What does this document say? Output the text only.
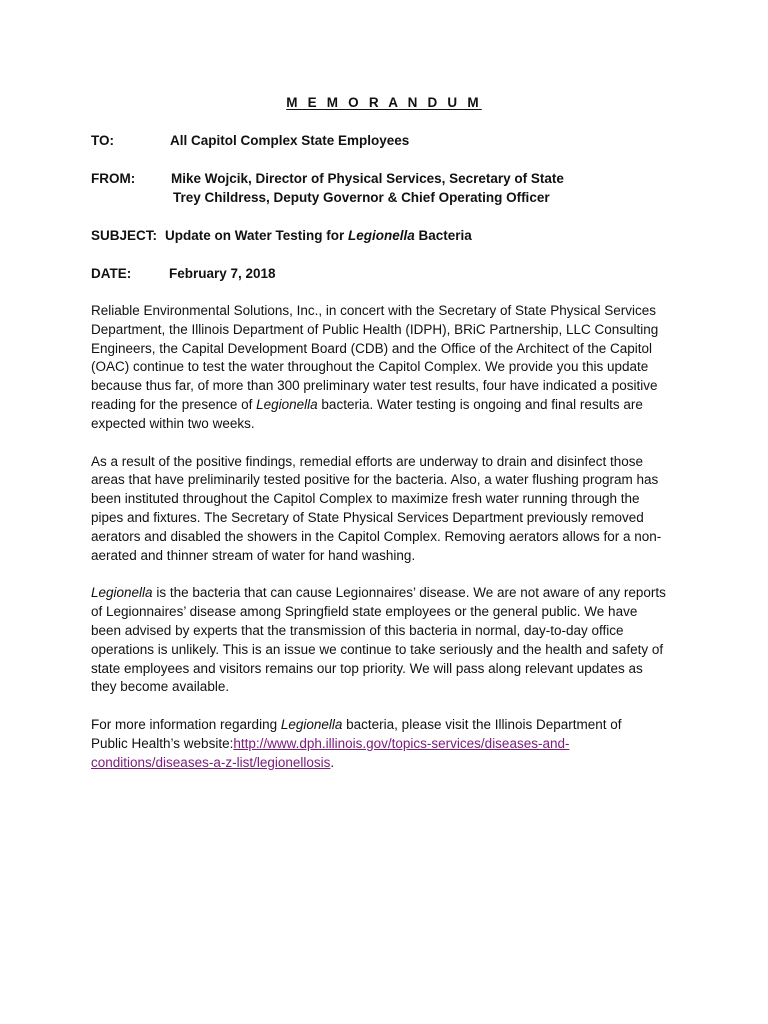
M E M O R A N D U M
TO:	All Capitol Complex State Employees
FROM:	Mike Wojcik, Director of Physical Services, Secretary of State
Trey Childress, Deputy Governor & Chief Operating Officer
SUBJECT: Update on Water Testing for Legionella Bacteria
DATE:	February 7, 2018

Reliable Environmental Solutions, Inc., in concert with the Secretary of State Physical Services
Department, the Illinois Department of Public Health (IDPH), BRiC Partnership, LLC Consulting
Engineers, the Capital Development Board (CDB) and the Office of the Architect of the Capitol
(OAC) continue to test the water throughout the Capitol Complex. We provide you this update
because thus far, of more than 300 preliminary water test results, four have indicated a positive
reading for the presence of Legionella bacteria. Water testing is ongoing and final results are
expected within two weeks.

As a result of the positive findings, remedial efforts are underway to drain and disinfect those
areas that have preliminarily tested positive for the bacteria. Also, a water flushing program has
been instituted throughout the Capitol Complex to maximize fresh water running through the
pipes and fixtures. The Secretary of State Physical Services Department previously removed
aerators and disabled the showers in the Capitol Complex. Removing aerators allows for a non-
aerated and thinner stream of water for hand washing.

Legionella is the bacteria that can cause Legionnaires’ disease. We are not aware of any reports
of Legionnaires’ disease among Springfield state employees or the general public. We have
been advised by experts that the transmission of this bacteria in normal, day-to-day office
operations is unlikely. This is an issue we continue to take seriously and the health and safety of
state employees and visitors remains our top priority. We will pass along relevant updates as
they become available.

For more information regarding Legionella bacteria, please visit the Illinois Department of
Public Health’s website:http://www.dph.illinois.gov/topics-services/diseases-and-
conditions/diseases-a-z-list/legionellosis.
